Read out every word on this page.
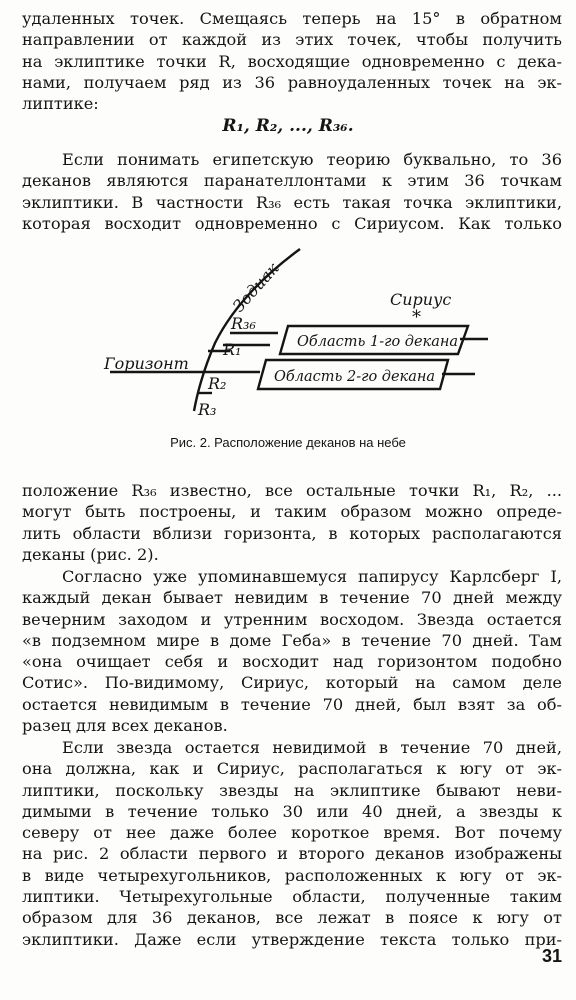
удаленных точек. Смещаясь теперь на 15° в обратном
направлении от каждой из этих точек, чтобы получить
на эклиптике точки R, восходящие одновременно с дека-
нами, получаем ряд из 36 равноудаленных точек на эк-
липтике:
R₁, R₂, ..., R₃₆.
Если понимать египетскую теорию буквально, то 36
деканов являются паранателлонтами к этим 36 точкам
эклиптики. В частности R₃₆ есть такая точка эклиптики,
которая восходит одновременно с Сириусом. Как только
Зодиак	Сириус
*
Горизонт
R₃₆
R₁
R₂
R₃
Область 1-го декана
Область 2-го декана
Рис. 2. Расположение деканов на небе
положение R₃₆ известно, все остальные точки R₁, R₂, ...
могут быть построены, и таким образом можно опреде-
лить области вблизи горизонта, в которых располагаются
деканы (рис. 2).
Согласно уже упоминавшемуся папирусу Карлсберг I,
каждый декан бывает невидим в течение 70 дней между
вечерним заходом и утренним восходом. Звезда остается
«в подземном мире в доме Геба» в течение 70 дней. Там
«она очищает себя и восходит над горизонтом подобно
Сотис». По-видимому, Сириус, который на самом деле
остается невидимым в течение 70 дней, был взят за об-
разец для всех деканов.
Если звезда остается невидимой в течение 70 дней,
она должна, как и Сириус, располагаться к югу от эк-
липтики, поскольку звезды на эклиптике бывают неви-
димыми в течение только 30 или 40 дней, а звезды к
северу от нее даже более короткое время. Вот почему
на рис. 2 области первого и второго деканов изображены
в виде четырехугольников, расположенных к югу от эк-
липтики. Четырехугольные области, полученные таким
образом для 36 деканов, все лежат в поясе к югу от
эклиптики. Даже если утверждение текста только при-
31
